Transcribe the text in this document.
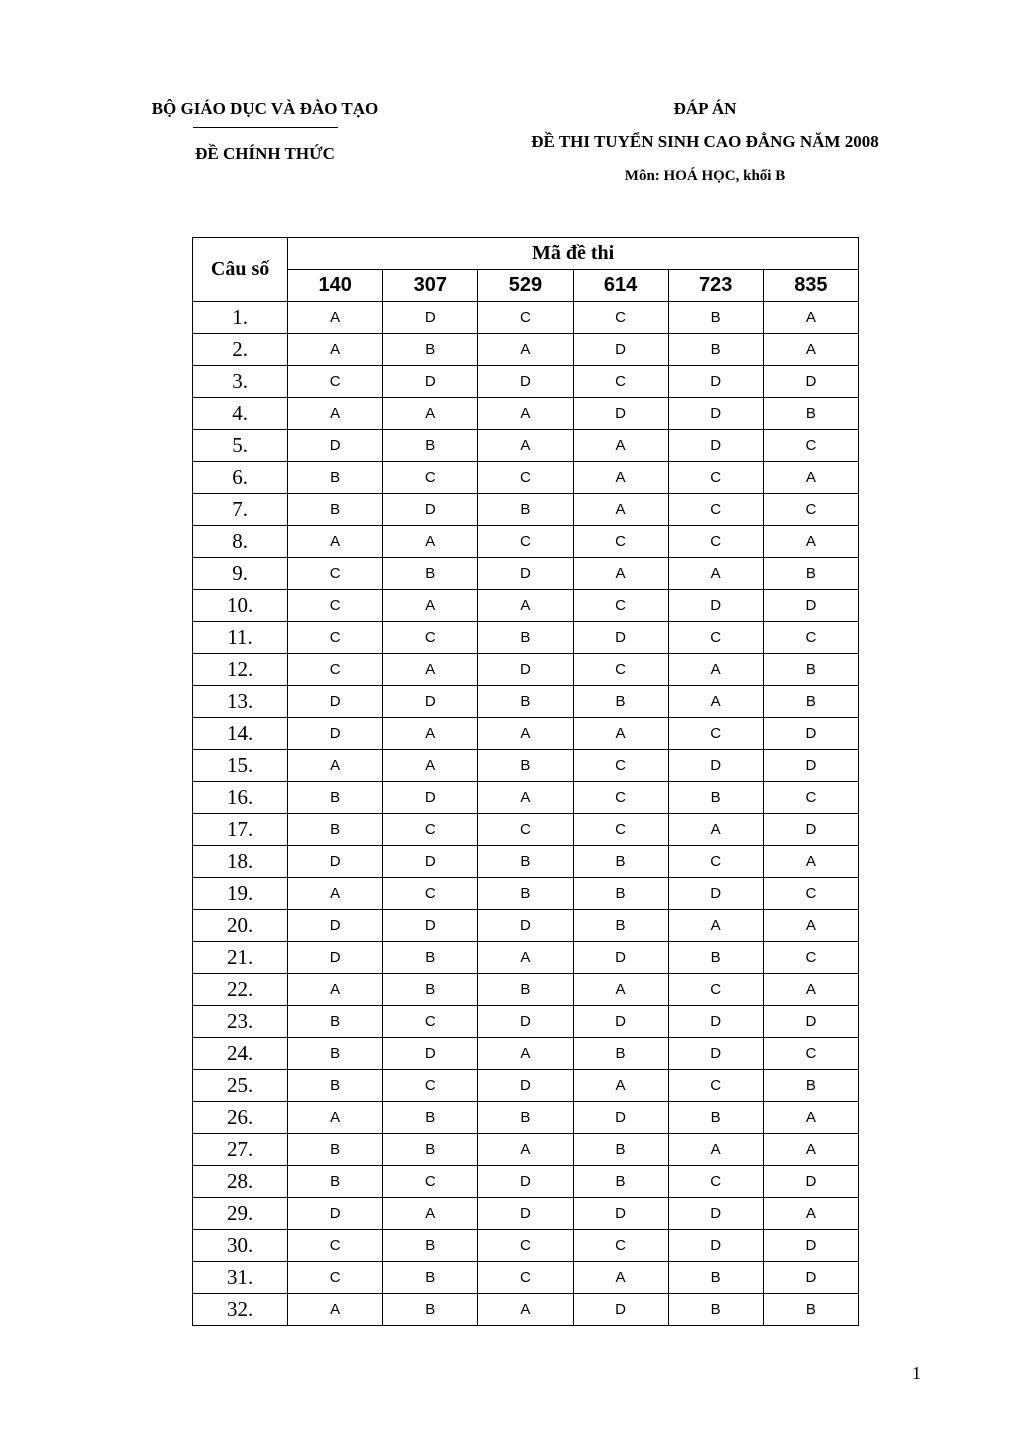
BỘ GIÁO DỤC VÀ ĐÀO TẠO
ĐỀ CHÍNH THỨC
ĐÁP ÁN
ĐỀ THI TUYỂN SINH CAO ĐẲNG NĂM 2008
Môn: HOÁ HỌC, khối B
Câu số	Mã đề thi					
	140	307	529	614	723	835
1.	A	D	C	C	B	A
2.	A	B	A	D	B	A
3.	C	D	D	C	D	D
4.	A	A	A	D	D	B
5.	D	B	A	A	D	C
6.	B	C	C	A	C	A
7.	B	D	B	A	C	C
8.	A	A	C	C	C	A
9.	C	B	D	A	A	B
10.	C	A	A	C	D	D
11.	C	C	B	D	C	C
12.	C	A	D	C	A	B
13.	D	D	B	B	A	B
14.	D	A	A	A	C	D
15.	A	A	B	C	D	D
16.	B	D	A	C	B	C
17.	B	C	C	C	A	D
18.	D	D	B	B	C	A
19.	A	C	B	B	D	C
20.	D	D	D	B	A	A
21.	D	B	A	D	B	C
22.	A	B	B	A	C	A
23.	B	C	D	D	D	D
24.	B	D	A	B	D	C
25.	B	C	D	A	C	B
26.	A	B	B	D	B	A
27.	B	B	A	B	A	A
28.	B	C	D	B	C	D
29.	D	A	D	D	D	A
30.	C	B	C	C	D	D
31.	C	B	C	A	B	D
32.	A	B	A	D	B	B
1
